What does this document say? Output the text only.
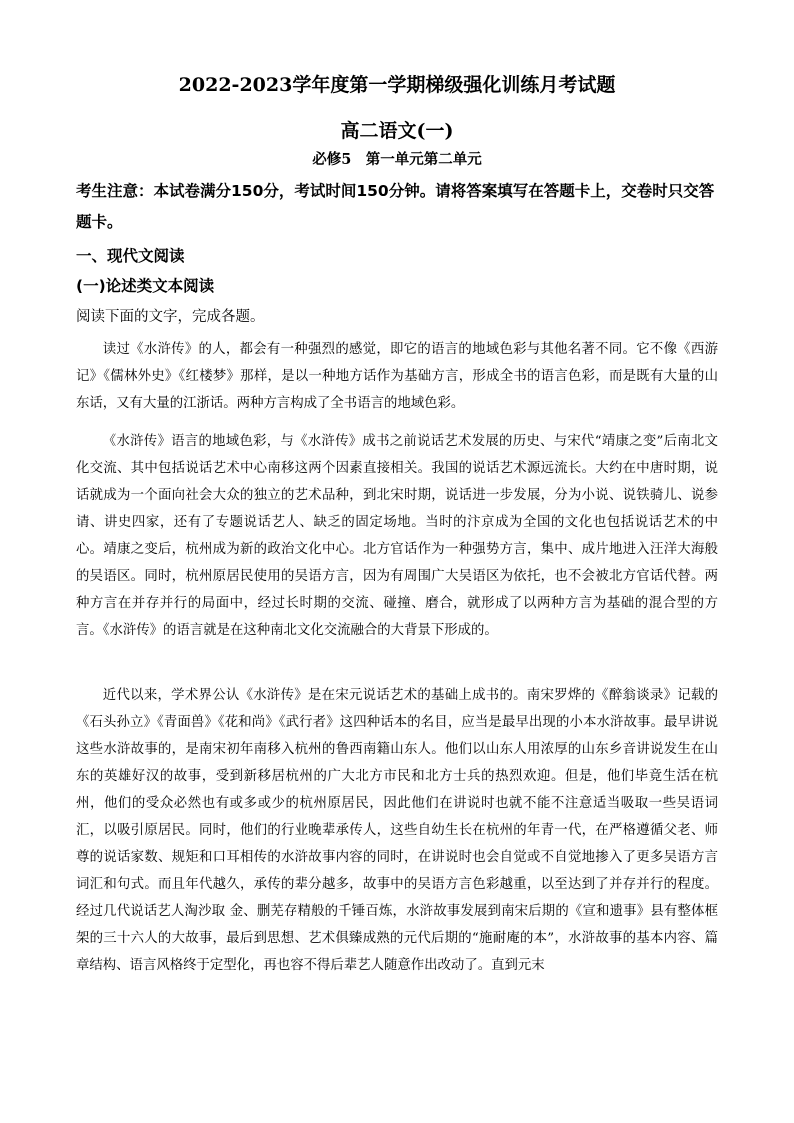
2022-2023学年度第一学期梯级强化训练月考试题
高二语文(一)
必修5　第一单元第二单元
考生注意：本试卷满分150分，考试时间150分钟。请将答案填写在答题卡上，交卷时只交答题卡。
一、现代文阅读
(一)论述类文本阅读
阅读下面的文字，完成各题。

读过《水浒传》的人，都会有一种强烈的感觉，即它的语言的地域色彩与其他名著不同。它不像《西游记》《儒林外史》《红楼梦》那样，是以一种地方话作为基础方言，形成全书的语言色彩，而是既有大量的山东话，又有大量的江浙话。两种方言构成了全书语言的地域色彩。

《水浒传》语言的地域色彩，与《水浒传》成书之前说话艺术发展的历史、与宋代“靖康之变”后南北文化交流、其中包括说话艺术中心南移这两个因素直接相关。我国的说话艺术源远流长。大约在中唐时期，说话就成为一个面向社会大众的独立的艺术品种，到北宋时期，说话进一步发展，分为小说、说铁骑儿、说参请、讲史四家，还有了专题说话艺人、缺乏的固定场地。当时的汴京成为全国的文化也包括说话艺术的中心。靖康之变后，杭州成为新的政治文化中心。北方官话作为一种强势方言，集中、成片地进入汪洋大海般的吴语区。同时，杭州原居民使用的吴语方言，因为有周围广大吴语区为依托，也不会被北方官话代替。两种方言在并存并行的局面中，经过长时期的交流、碰撞、磨合，就形成了以两种方言为基础的混合型的方言。《水浒传》的语言就是在这种南北文化交流融合的大背景下形成的。

近代以来，学术界公认《水浒传》是在宋元说话艺术的基础上成书的。南宋罗烨的《醉翁谈录》记载的《石头孙立》《青面兽》《花和尚》《武行者》这四种话本的名目，应当是最早出现的小本水浒故事。最早讲说这些水浒故事的，是南宋初年南移入杭州的鲁西南籍山东人。他们以山东人用浓厚的山东乡音讲说发生在山东的英雄好汉的故事，受到新移居杭州的广大北方市民和北方士兵的热烈欢迎。但是，他们毕竟生活在杭州，他们的受众必然也有或多或少的杭州原居民，因此他们在讲说时也就不能不注意适当吸取一些吴语词汇，以吸引原居民。同时，他们的行业晚辈承传人，这些自幼生长在杭州的年青一代，在严格遵循父老、师尊的说话家数、规矩和口耳相传的水浒故事内容的同时，在讲说时也会自觉或不自觉地掺入了更多吴语方言词汇和句式。而且年代越久，承传的辈分越多，故事中的吴语方言色彩越重，以至达到了并存并行的程度。经过几代说话艺人淘沙取 金、删芜存精般的千锤百炼，水浒故事发展到南宋后期的《宣和遗事》县有整体框架的三十六人的大故事，最后到思想、艺术俱臻成熟的元代后期的“施耐庵的本”，水浒故事的基本内容、篇章结构、语言风格终于定型化，再也容不得后辈艺人随意作出改动了。直到元末
